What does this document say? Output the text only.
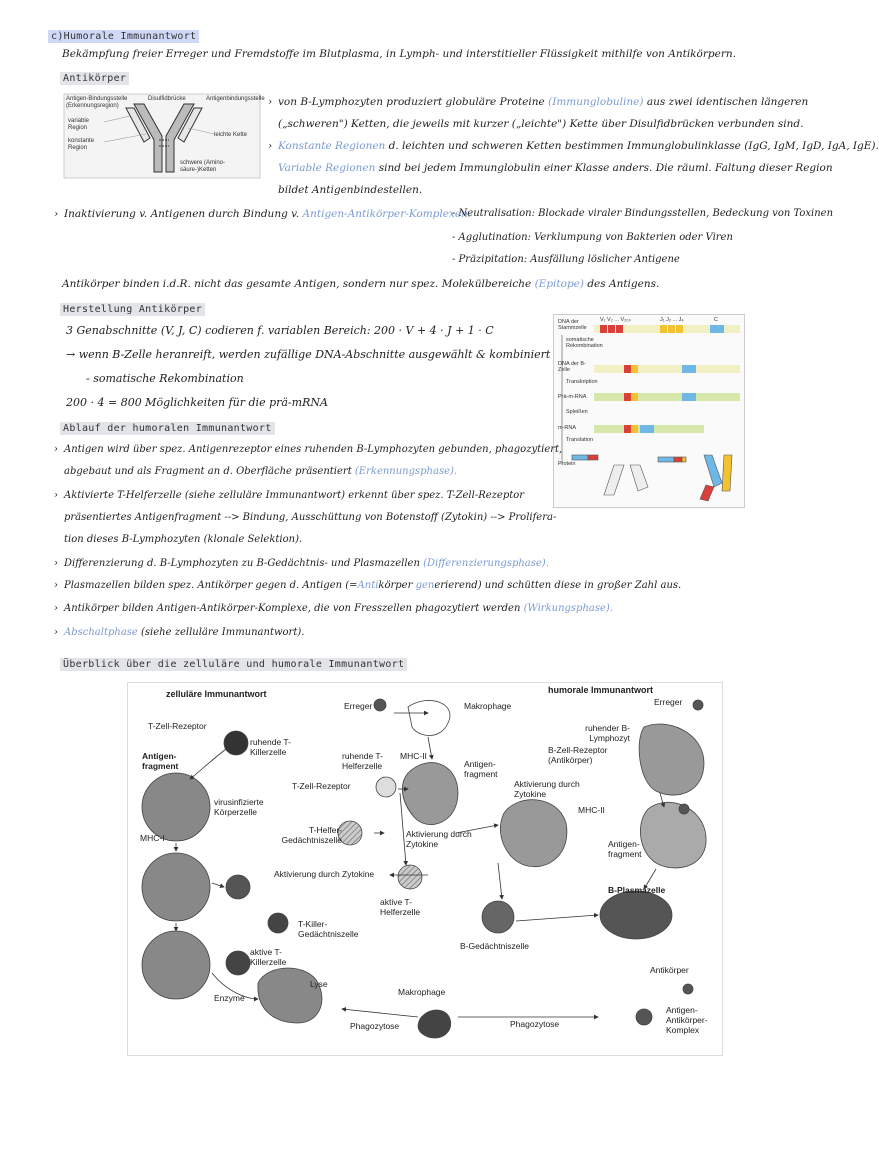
c)Humorale Immunantwort
Bekämpfung freier Erreger und Fremdstoffe im Blutplasma, in Lymph- und interstitieller Flüssigkeit mithilfe von Antikörpern.
Antikörper
Antigen-Bindungsstelle (Erkennungsregion)
Disulfidbrücke	Antigenbindungsstelle
variable Region
leichte Kette
konstante Region
schwere (Amino-säure-)Ketten
› von B-Lymphozyten produziert globuläre Proteine (Immunglobuline) aus zwei identischen längeren
(„schweren") Ketten, die jeweils mit kurzer („leichte") Kette über Disulfidbrücken verbunden sind.
› Konstante Regionen d. leichten und schweren Ketten bestimmen Immunglobulinklasse (IgG, IgM, IgD, IgA, IgE).
Variable Regionen sind bei jedem Immunglobulin einer Klasse anders. Die räuml. Faltung dieser Region
bildet Antigenbindestellen.
› Inaktivierung v. Antigenen durch Bindung v. Antigen-Antikörper-Komplexen:
- Neutralisation: Blockade viraler Bindungsstellen, Bedeckung von Toxinen
- Agglutination: Verklumpung von Bakterien oder Viren
- Präzipitation: Ausfällung löslicher Antigene
Antikörper binden i.d.R. nicht das gesamte Antigen, sondern nur spez. Molekülbereiche (Epitope) des Antigens.
Herstellung Antikörper
3 Genabschnitte (V, J, C) codieren f. variablen Bereich: 200 · V + 4 · J + 1 · C
→ wenn B-Zelle heranreift, werden zufällige DNA-Abschnitte ausgewählt & kombiniert
- somatische Rekombination
200 · 4 = 800 Möglichkeiten für die prä-mRNA
DNA der Stammzelle
somatische Rekombination
DNA der B-Zelle
Transkription
Prä-m-RNA
Spleißen
m-RNA
Translation
Protein
V₁ V₂ ... V₂₀₀	J₁ J₂ ... J₄	C
Ablauf der humoralen Immunantwort
› Antigen wird über spez. Antigenrezeptor eines ruhenden B-Lymphozyten gebunden, phagozytiert,
abgebaut und als Fragment an d. Oberfläche präsentiert (Erkennungsphase).
› Aktivierte T-Helferzelle (siehe zelluläre Immunantwort) erkennt über spez. T-Zell-Rezeptor
präsentiertes Antigenfragment --> Bindung, Ausschüttung von Botenstoff (Zytokin) --> Prolifera-
tion dieses B-Lymphozyten (klonale Selektion).
› Differenzierung d. B-Lymphozyten zu B-Gedächtnis- und Plasmazellen (Differenzierungsphase).
› Plasmazellen bilden spez. Antikörper gegen d. Antigen (=Antikörper generierend) und schütten diese in großer Zahl aus.
› Antikörper bilden Antigen-Antikörper-Komplexe, die von Fresszellen phagozytiert werden (Wirkungsphase).
› Abschaltphase (siehe zelluläre Immunantwort).
Überblick über die zelluläre und humorale Immunantwort
zelluläre Immunantwort	humorale Immunantwort
Erreger	Makrophage	Erreger
T-Zell-Rezeptor
ruhende T-Killerzelle
Antigen-fragment
ruhende T-Helferzelle
MHC-II
Antigen-fragment
T-Zell-Rezeptor	Aktivierung durch Zytokine
ruhender B-Lymphozyt
B-Zell-Rezeptor (Antikörper)
virusinfizierte Körperzelle	MHC-II
MHC-I
T-Helfer-Gedächtniszelle
Aktivierung durch Zytokine	Antigen-fragment
Aktivierung durch Zytokine
B-Plasmazelle
aktive T-Helferzelle
T-Killer-Gedächtniszelle
B-Gedächtniszelle
aktive T-Killerzelle
Antikörper
Lyse
Makrophage
Enzyme
Antigen-Antikörper-Komplex
Phagozytose	Phagozytose
